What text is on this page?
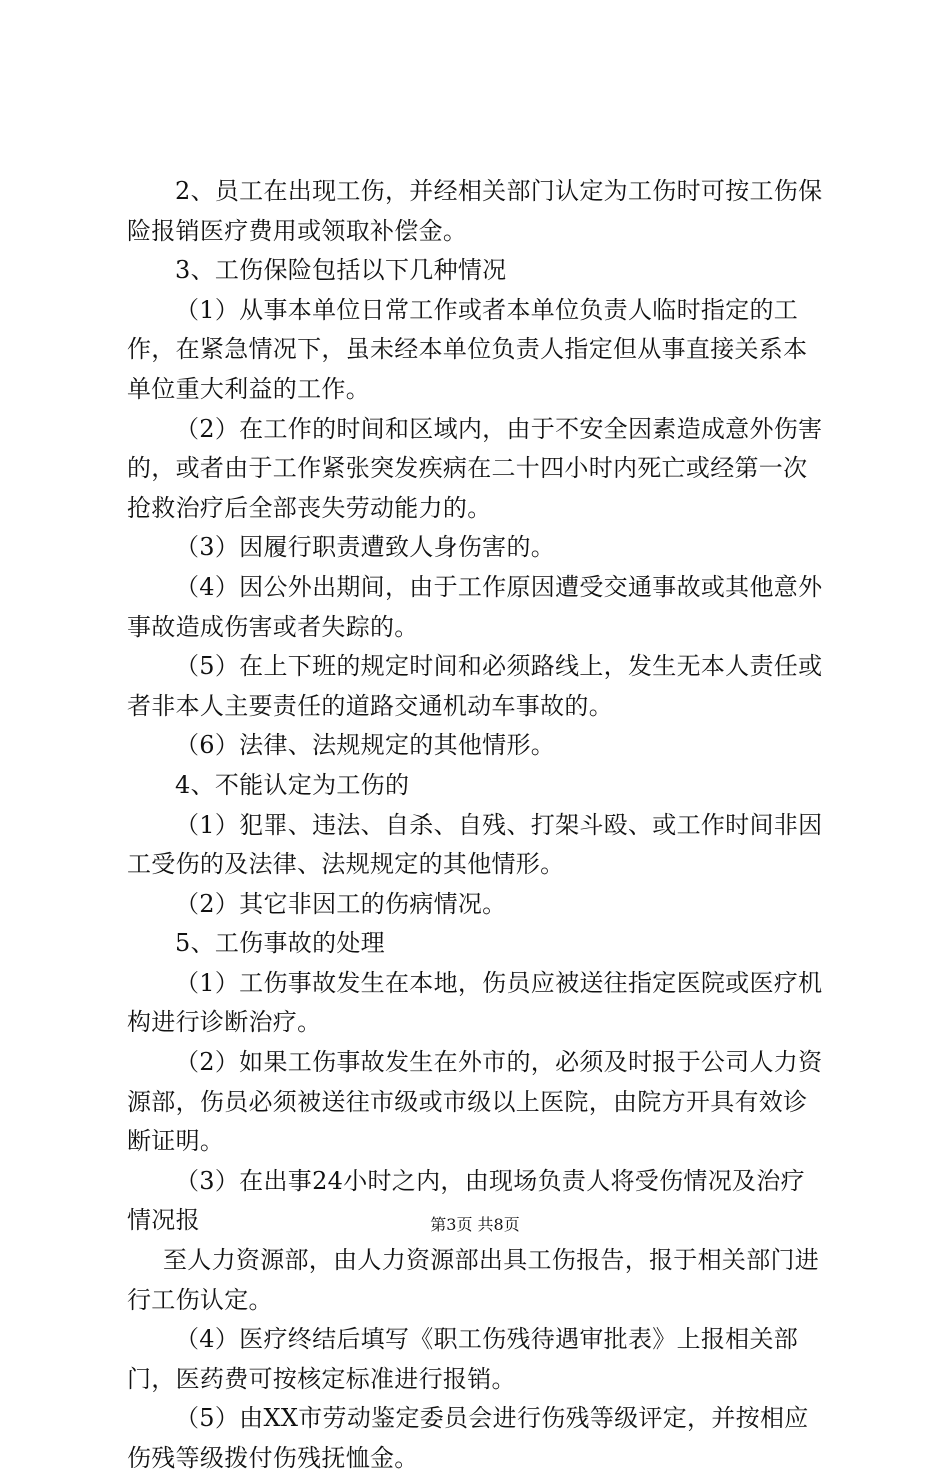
2、员工在出现工伤，并经相关部门认定为工伤时可按工伤保险报销医疗费用或领取补偿金。

3、工伤保险包括以下几种情况

（1）从事本单位日常工作或者本单位负责人临时指定的工作，在紧急情况下，虽未经本单位负责人指定但从事直接关系本单位重大利益的工作。

（2）在工作的时间和区域内，由于不安全因素造成意外伤害的，或者由于工作紧张突发疾病在二十四小时内死亡或经第一次抢救治疗后全部丧失劳动能力的。

（3）因履行职责遭致人身伤害的。

（4）因公外出期间，由于工作原因遭受交通事故或其他意外事故造成伤害或者失踪的。

（5）在上下班的规定时间和必须路线上，发生无本人责任或者非本人主要责任的道路交通机动车事故的。

（6）法律、法规规定的其他情形。

4、不能认定为工伤的

（1）犯罪、违法、自杀、自残、打架斗殴、或工作时间非因工受伤的及法律、法规规定的其他情形。

（2）其它非因工的伤病情况。

5、工伤事故的处理

（1）工伤事故发生在本地，伤员应被送往指定医院或医疗机构进行诊断治疗。

（2）如果工伤事故发生在外市的，必须及时报于公司人力资源部，伤员必须被送往市级或市级以上医院，由院方开具有效诊断证明。

（3）在出事24小时之内，由现场负责人将受伤情况及治疗情况报

至人力资源部，由人力资源部出具工伤报告，报于相关部门进行工伤认定。

（4）医疗终结后填写《职工伤残待遇审批表》上报相关部门，医药费可按核定标准进行报销。

（5）由XX市劳动鉴定委员会进行伤残等级评定，并按相应伤残等级拨付伤残抚恤金。

第3页 共8页
